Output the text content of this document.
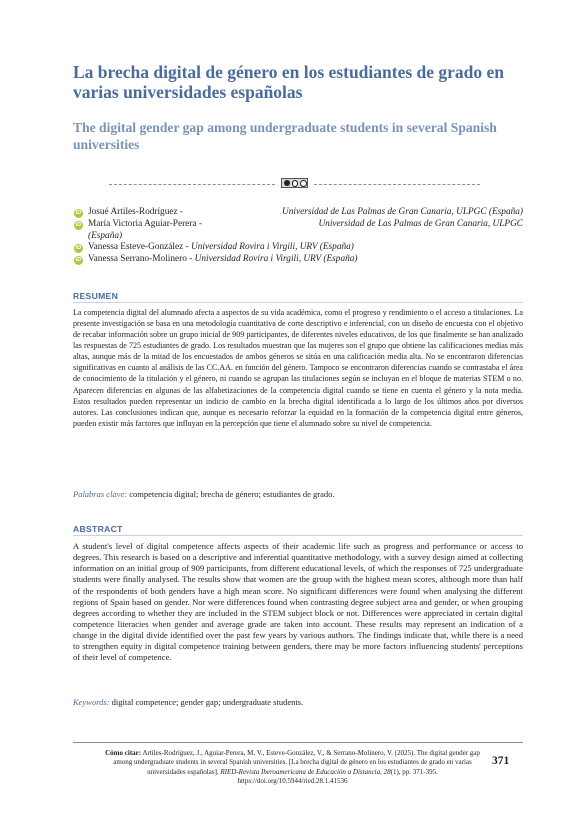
La brecha digital de género en los estudiantes de grado en varias universidades españolas
The digital gender gap among undergraduate students in several Spanish universities
iD Josué Artiles-Rodríguez -	Universidad de Las Palmas de Gran Canaria, ULPGC (España)
iD María Victoria Aguiar-Perera -	Universidad de Las Palmas de Gran Canaria, ULPGC
(España)
iD Vanessa Esteve-González - Universidad Rovira i Virgili, URV (España)
iD Vanessa Serrano-Molinero - Universidad Rovira i Virgili, URV (España)
RESUMEN

La competencia digital del alumnado afecta a aspectos de su vida académica, como el progreso y rendimiento o el acceso a titulaciones. La presente investigación se basa en una metodología cuantitativa de corte descriptivo e inferencial, con un diseño de encuesta con el objetivo de recabar información sobre un grupo inicial de 909 participantes, de diferentes niveles educativos, de los que finalmente se han analizado las respuestas de 725 estudiantes de grado. Los resultados muestran que las mujeres son el grupo que obtiene las calificaciones medias más altas, aunque más de la mitad de los encuestados de ambos géneros se sitúa en una calificación media alta. No se encontraron diferencias significativas en cuanto al análisis de las CC.AA. en función del género. Tampoco se encontraron diferencias cuando se contrastaba el área de conocimiento de la titulación y el género, ni cuando se agrupan las titulaciones según se incluyan en el bloque de materias STEM o no. Aparecen diferencias en algunas de las alfabetizaciones de la competencia digital cuando se tiene en cuenta el género y la nota media. Estos resultados pueden representar un indicio de cambio en la brecha digital identificada a lo largo de los últimos años por diversos autores. Las conclusiones indican que, aunque es necesario reforzar la equidad en la formación de la competencia digital entre géneros, pueden existir más factores que influyan en la percepción que tiene el alumnado sobre su nivel de competencia.

Palabras clave: competencia digital; brecha de género; estudiantes de grado.
ABSTRACT

A student's level of digital competence affects aspects of their academic life such as progress and performance or access to degrees. This research is based on a descriptive and inferential quantitative methodology, with a survey design aimed at collecting information on an initial group of 909 participants, from different educational levels, of which the responses of 725 undergraduate students were finally analysed. The results show that women are the group with the highest mean scores, although more than half of the respondents of both genders have a high mean score. No significant differences were found when analysing the different regions of Spain based on gender. Nor were differences found when contrasting degree subject area and gender, or when grouping degrees according to whether they are included in the STEM subject block or not. Differences were appreciated in certain digital competence literacies when gender and average grade are taken into account. These results may represent an indication of a change in the digital divide identified over the past few years by various authors. The findings indicate that, while there is a need to strengthen equity in digital competence training between genders, there may be more factors influencing students' perceptions of their level of competence.

Keywords: digital competence; gender gap; undergraduate students.

Cómo citar: Artiles-Rodríguez, J., Aguiar-Perera, M. V., Esteve-González, V., & Serrano-Molinero, V. (2025). The digital gender gap among undergraduate students in several Spanish universities. [La brecha digital de género en los estudiantes de grado en varias universidades españolas]. RIED-Revista Iberoamericana de Educación a Distancia, 28(1), pp. 371-395. https://doi.org/10.5944/ried.28.1.41536

371
